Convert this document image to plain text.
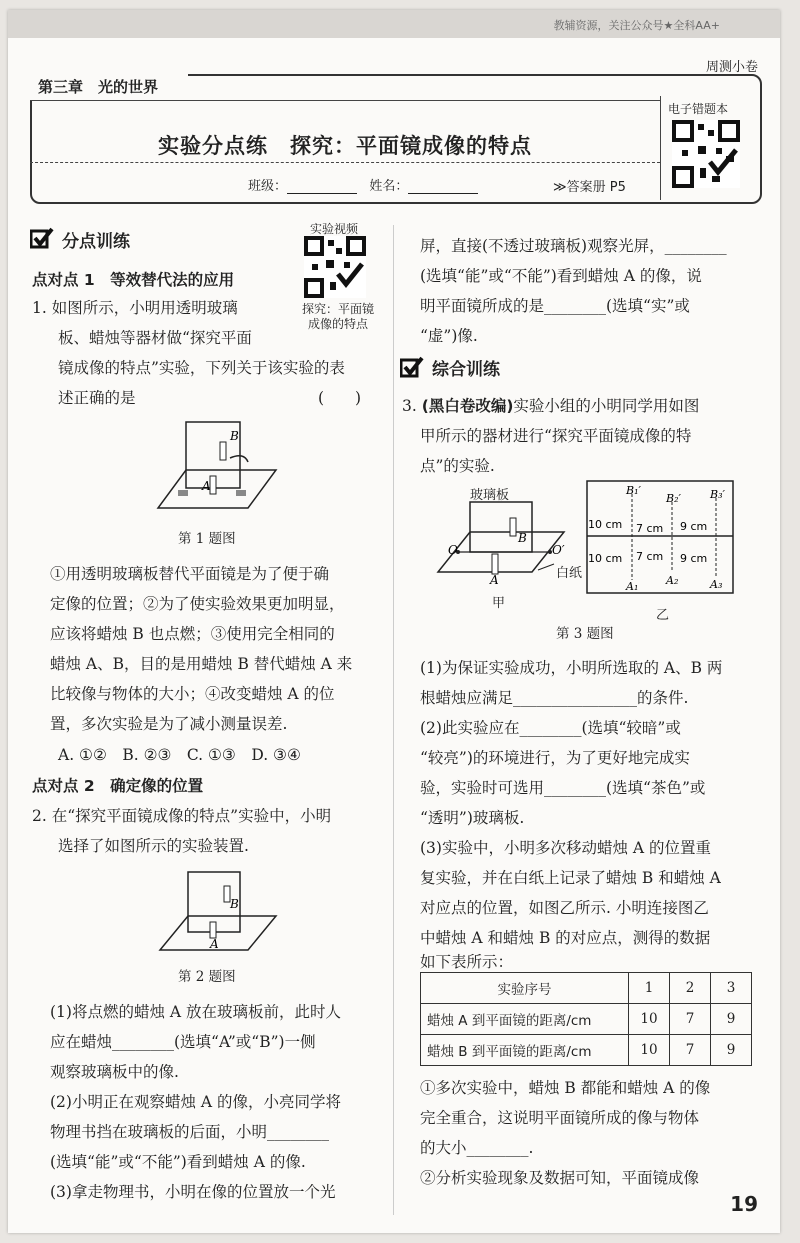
教辅资源，关注公众号★全科AA+
周测小卷
第三章　光的世界
实验分点练　探究：平面镜成像的特点
班级：	姓名：	≫答案册 P5
电子错题本
分点训练
实验视频
探究：平面镜
成像的特点
点对点 1　等效替代法的应用
1. 如图所示，小明用透明玻璃
板、蜡烛等器材做“探究平面
镜成像的特点”实验，下列关于该实验的表
述正确的是	(　　)
B
A
第 1 题图
①用透明玻璃板替代平面镜是为了便于确
定像的位置；②为了使实验效果更加明显，
应该将蜡烛 B 也点燃；③使用完全相同的
蜡烛 A、B，目的是用蜡烛 B 替代蜡烛 A 来
比较像与物体的大小；④改变蜡烛 A 的位
置，多次实验是为了减小测量误差.
A. ①②　B. ②③　C. ①③　D. ③④
点对点 2　确定像的位置
2. 在“探究平面镜成像的特点”实验中，小明
选择了如图所示的实验装置.
B
A
第 2 题图
(1)将点燃的蜡烛 A 放在玻璃板前，此时人
应在蜡烛________(选填“A”或“B”)一侧
观察玻璃板中的像.
(2)小明正在观察蜡烛 A 的像，小亮同学将
物理书挡在玻璃板的后面，小明________
(选填“能”或“不能”)看到蜡烛 A 的像.
(3)拿走物理书，小明在像的位置放一个光
屏，直接(不透过玻璃板)观察光屏，________
(选填“能”或“不能”)看到蜡烛 A 的像，说
明平面镜所成的是________(选填“实”或
“虚”)像.
综合训练
3. (黑白卷改编)实验小组的小明同学用如图
甲所示的器材进行“探究平面镜成像的特
点”的实验.
O	O′
B
A
玻璃板
白纸
甲
10 cm
10 cm
7 cm
7 cm
9 cm
9 cm
B₁′
B₂′	B₃′
A₁	A₂	A₃
乙
第 3 题图
(1)为保证实验成功，小明所选取的 A、B 两
根蜡烛应满足________________的条件.
(2)此实验应在________(选填“较暗”或
“较亮”)的环境进行，为了更好地完成实
验，实验时可选用________(选填“茶色”或
“透明”)玻璃板.
(3)实验中，小明多次移动蜡烛 A 的位置重
复实验，并在白纸上记录了蜡烛 B 和蜡烛 A
对应点的位置，如图乙所示. 小明连接图乙
中蜡烛 A 和蜡烛 B 的对应点，测得的数据
如下表所示：
实验序号	1	2	3
蜡烛 A 到平面镜的距离/cm	10	7	9
蜡烛 B 到平面镜的距离/cm	10	7	9
①多次实验中，蜡烛 B 都能和蜡烛 A 的像
完全重合，这说明平面镜所成的像与物体
的大小________.
②分析实验现象及数据可知，平面镜成像
19
